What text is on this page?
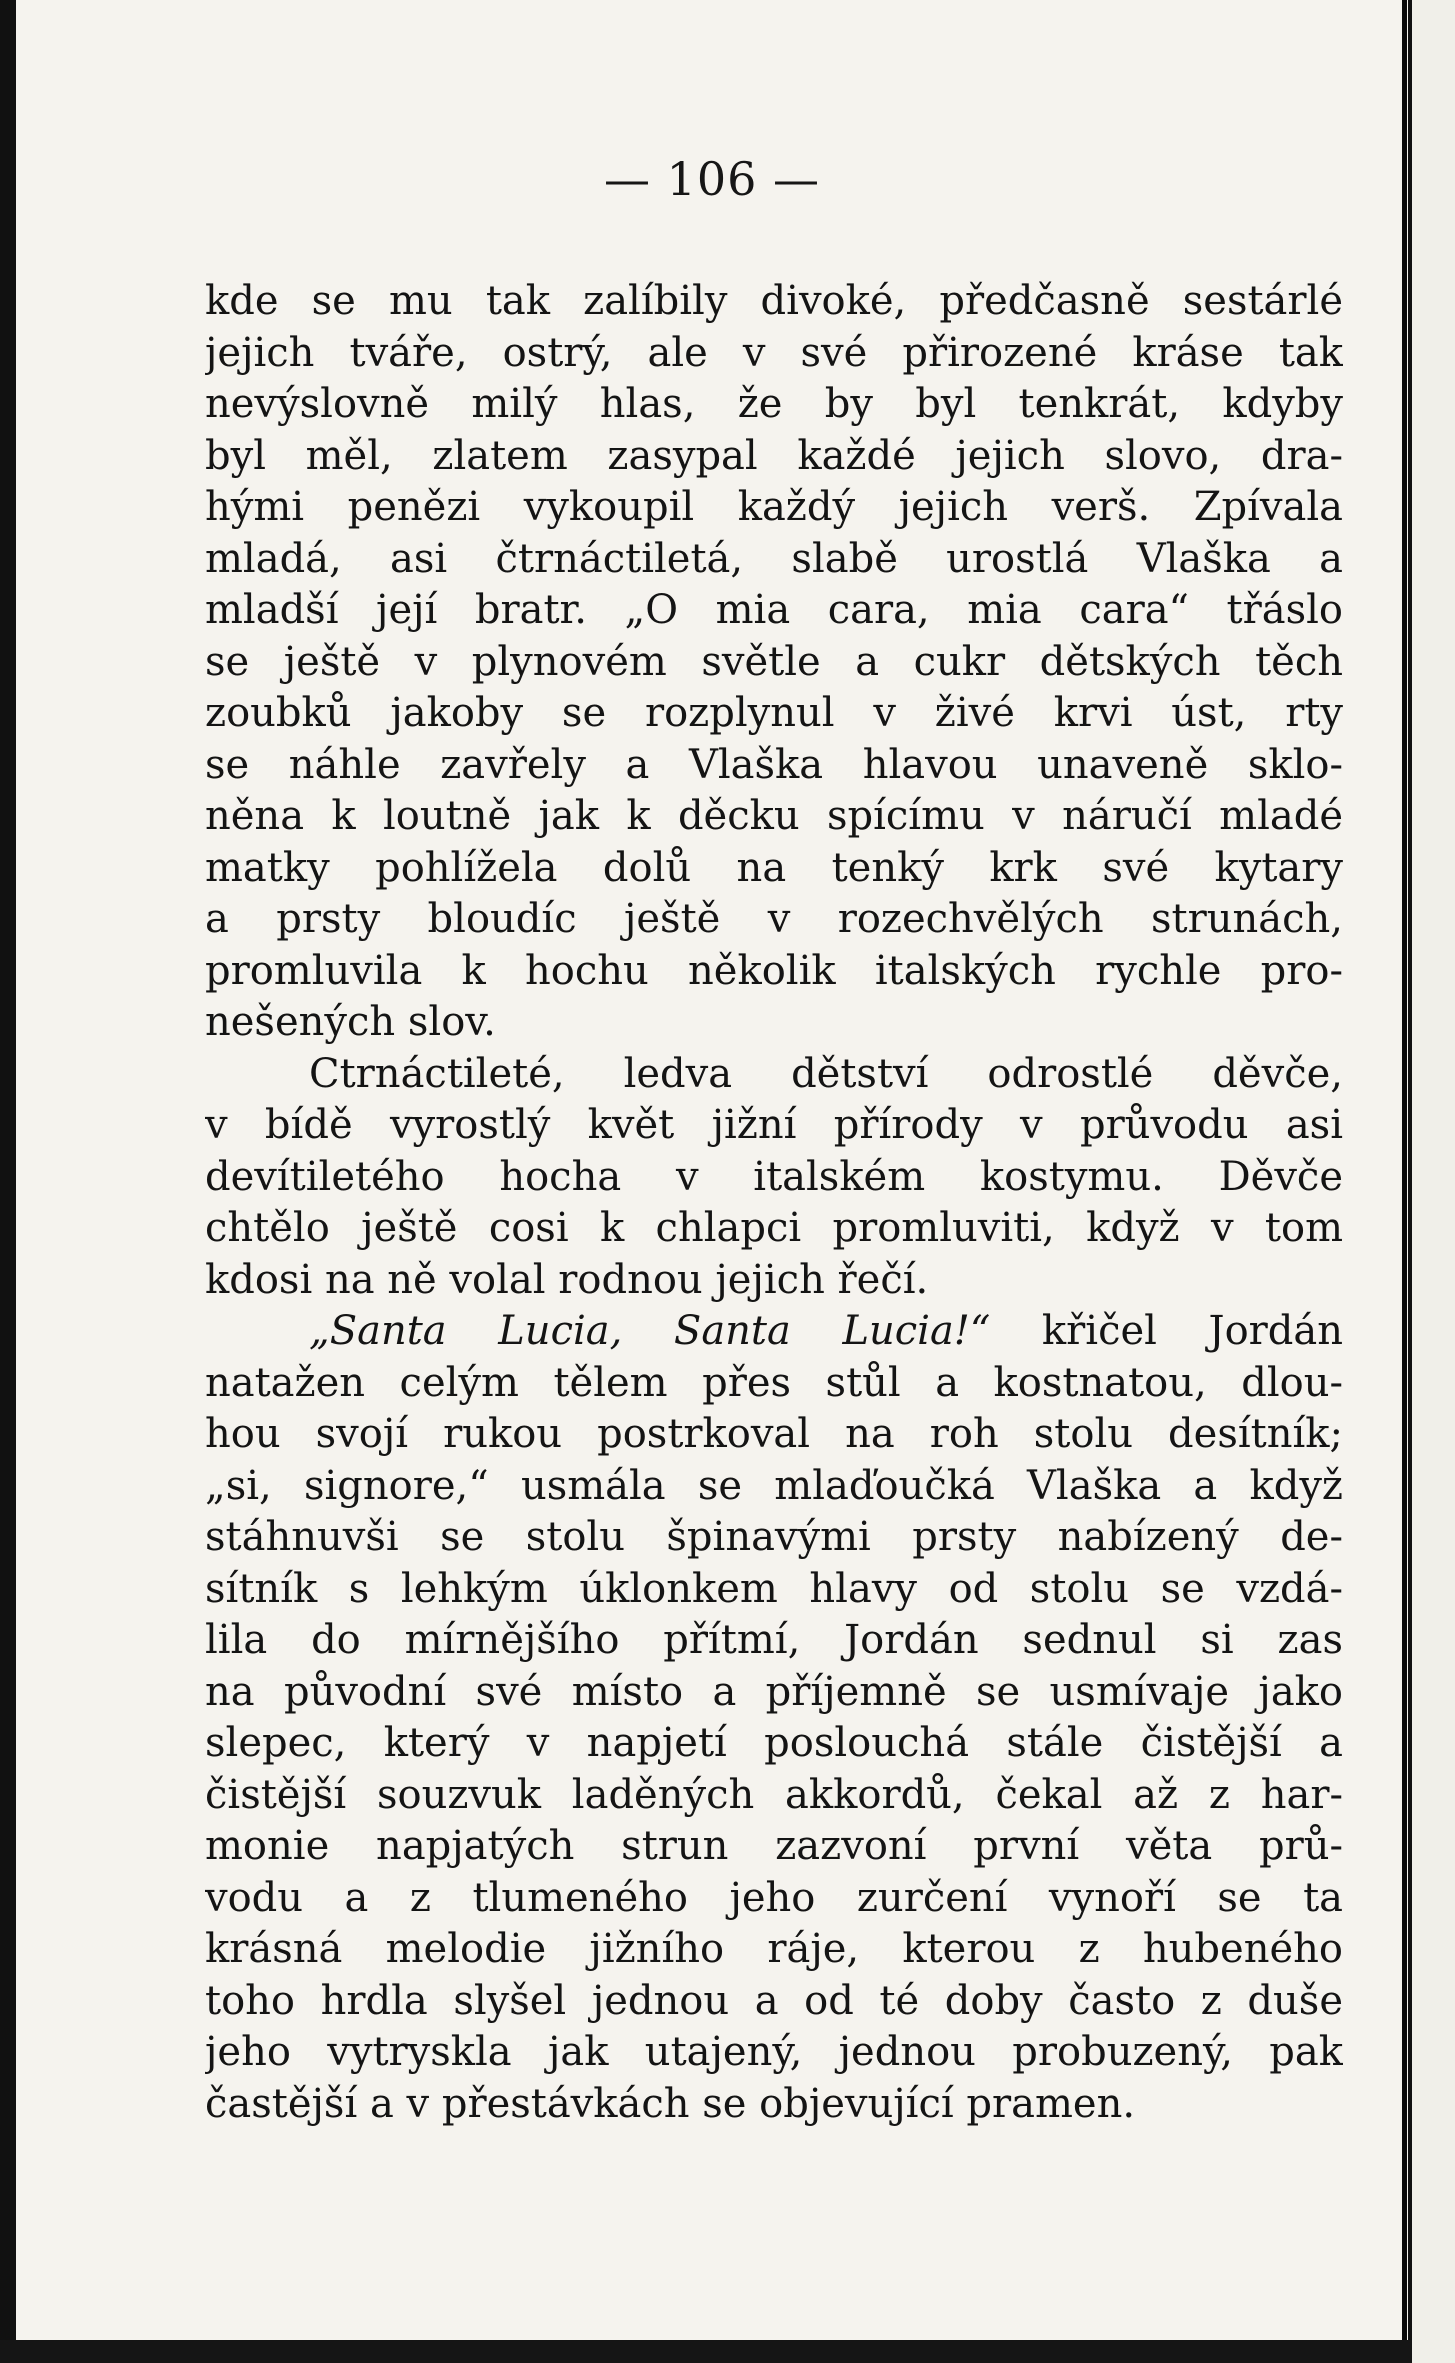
— 106 —
kde se mu tak zalíbily divoké, předčasně sestárlé
jejich tváře, ostrý, ale v své přirozené kráse tak
nevýslovně milý hlas, že by byl tenkrát, kdyby
byl měl, zlatem zasypal každé jejich slovo, dra-
hými penězi vykoupil každý jejich verš. Zpívala
mladá, asi čtrnáctiletá, slabě urostlá Vlaška a
mladší její bratr. „O mia cara, mia cara“ třáslo
se ještě v plynovém světle a cukr dětských těch
zoubků jakoby se rozplynul v živé krvi úst, rty
se náhle zavřely a Vlaška hlavou unaveně sklo-
něna k loutně jak k děcku spícímu v náručí mladé
matky pohlížela dolů na tenký krk své kytary
a prsty bloudíc ještě v rozechvělých strunách,
promluvila k hochu několik italských rychle pro-
nešených slov.
Ctrnáctileté, ledva dětství odrostlé děvče,
v bídě vyrostlý květ jižní přírody v průvodu asi
devítiletého hocha v italském kostymu. Děvče
chtělo ještě cosi k chlapci promluviti, když v tom
kdosi na ně volal rodnou jejich řečí.
„Santa Lucia, Santa Lucia!“ křičel Jordán
natažen celým tělem přes stůl a kostnatou, dlou-
hou svojí rukou postrkoval na roh stolu desítník;
„si, signore,“ usmála se mlaďoučká Vlaška a když
stáhnuvši se stolu špinavými prsty nabízený de-
sítník s lehkým úklonkem hlavy od stolu se vzdá-
lila do mírnějšího přítmí, Jordán sednul si zas
na původní své místo a příjemně se usmívaje jako
slepec, který v napjetí poslouchá stále čistější a
čistější souzvuk laděných akkordů, čekal až z har-
monie napjatých strun zazvoní první věta prů-
vodu a z tlumeného jeho zurčení vynoří se ta
krásná melodie jižního ráje, kterou z hubeného
toho hrdla slyšel jednou a od té doby často z duše
jeho vytryskla jak utajený, jednou probuzený, pak
častější a v přestávkách se objevující pramen.
